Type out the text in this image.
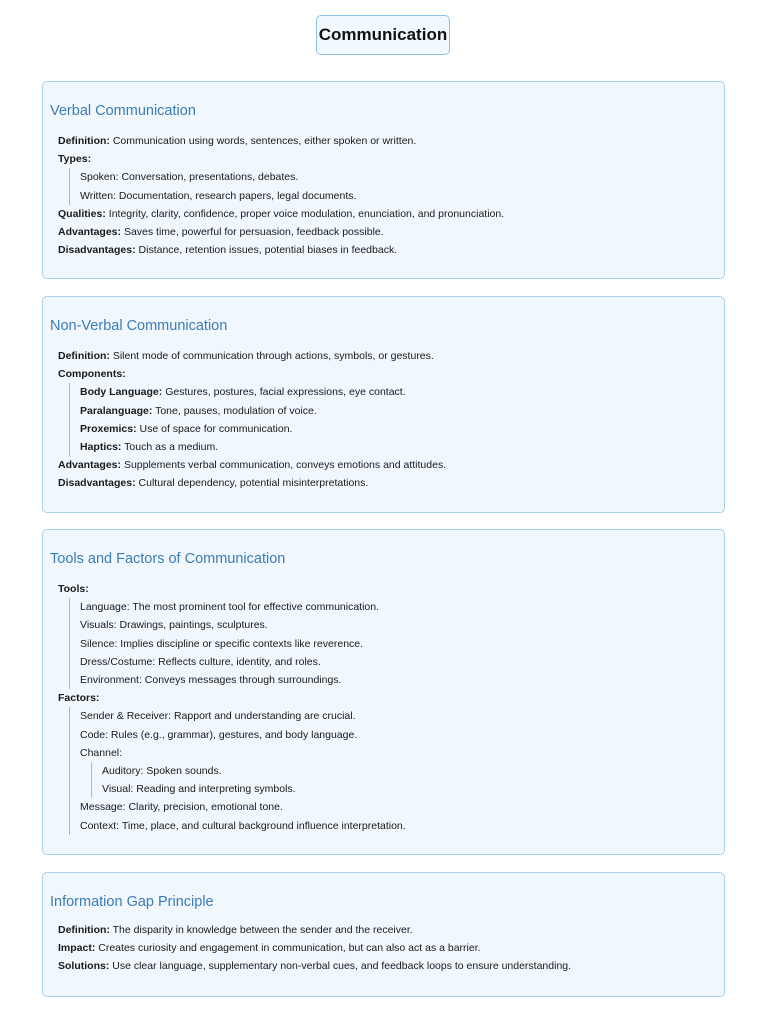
Communication
Verbal Communication
Definition: Communication using words, sentences, either spoken or written.
Types:
Spoken: Conversation, presentations, debates.
Written: Documentation, research papers, legal documents.
Qualities: Integrity, clarity, confidence, proper voice modulation, enunciation, and pronunciation.
Advantages: Saves time, powerful for persuasion, feedback possible.
Disadvantages: Distance, retention issues, potential biases in feedback.
Non-Verbal Communication
Definition: Silent mode of communication through actions, symbols, or gestures.
Components:
Body Language: Gestures, postures, facial expressions, eye contact.
Paralanguage: Tone, pauses, modulation of voice.
Proxemics: Use of space for communication.
Haptics: Touch as a medium.
Advantages: Supplements verbal communication, conveys emotions and attitudes.
Disadvantages: Cultural dependency, potential misinterpretations.
Tools and Factors of Communication
Tools:
Language: The most prominent tool for effective communication.
Visuals: Drawings, paintings, sculptures.
Silence: Implies discipline or specific contexts like reverence.
Dress/Costume: Reflects culture, identity, and roles.
Environment: Conveys messages through surroundings.
Factors:
Sender & Receiver: Rapport and understanding are crucial.
Code: Rules (e.g., grammar), gestures, and body language.
Channel:
Auditory: Spoken sounds.
Visual: Reading and interpreting symbols.
Message: Clarity, precision, emotional tone.
Context: Time, place, and cultural background influence interpretation.
Information Gap Principle
Definition: The disparity in knowledge between the sender and the receiver.
Impact: Creates curiosity and engagement in communication, but can also act as a barrier.
Solutions: Use clear language, supplementary non-verbal cues, and feedback loops to ensure understanding.
